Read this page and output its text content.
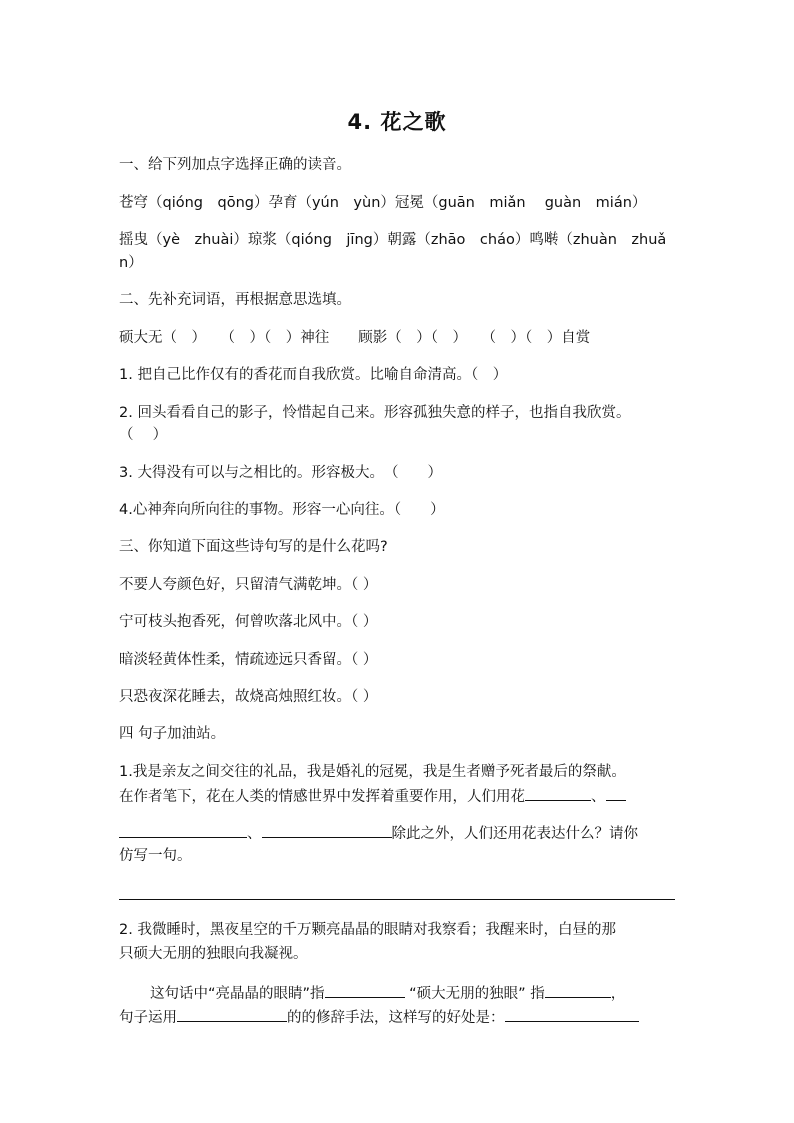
4. 花之歌
一、给下列加点字选择正确的读音。
苍穹（qióng　qōng）孕育（yún　yùn）冠冕（guān　miǎn　 guàn　mián）
摇曳（yè　zhuài）琼浆（qióng　jīng）朝露（zhāo　cháo）鸣啭（zhuàn　zhuǎ
n）
二、先补充词语，再根据意思选填。
硕大无（　）　　（　）（　）神往　　顾影（　）（　）　　（　）（　）自赏
1. 把自己比作仅有的香花而自我欣赏。比喻自命清高。（　）
2. 回头看看自己的影子，怜惜起自己来。形容孤独失意的样子，也指自我欣赏。
（　 ）
3. 大得没有可以与之相比的。形容极大。　（　　）
4.心神奔向所向往的事物。形容一心向往。（　　）
三、你知道下面这些诗句写的是什么花吗?
不要人夸颜色好，只留清气满乾坤。（ ）
宁可枝头抱香死，何曾吹落北风中。（ ）
暗淡轻黄体性柔，情疏迹远只香留。（ ）
只恐夜深花睡去，故烧高烛照红妆。（ ）
四 句子加油站。
1.我是亲友之间交往的礼品，我是婚礼的冠冕，我是生者赠予死者最后的祭献。
在作者笔下，花在人类的情感世界中发挥着重要作用，人们用花	、
、	除此之外，人们还用花表达什么？请你
仿写一句。
2. 我微睡时，黑夜星空的千万颗亮晶晶的眼睛对我察看；我醒来时，白昼的那
只硕大无朋的独眼向我凝视。
这句话中“亮晶晶的眼睛”指	“硕大无朋的独眼” 指	，
句子运用	的的修辞手法，这样写的好处是：
